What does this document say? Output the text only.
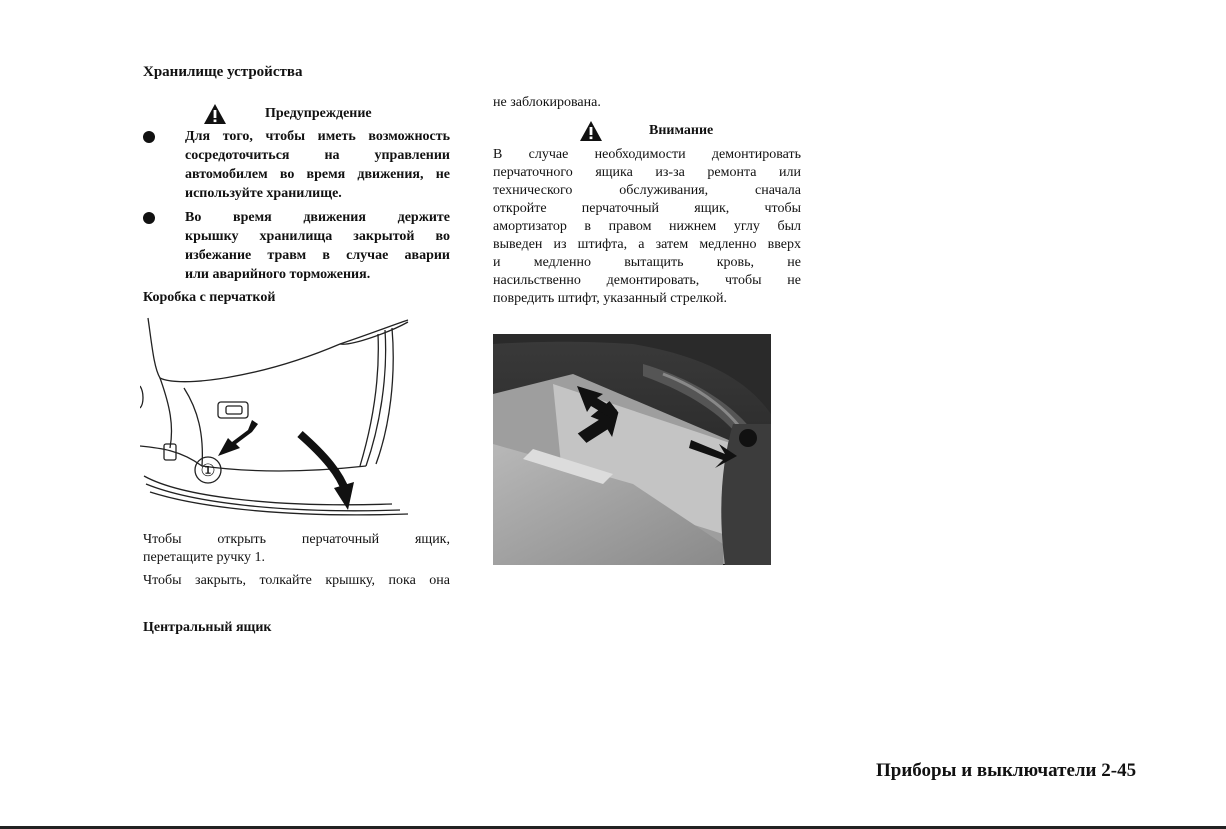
Хранилище устройства
Предупреждение
Для того, чтобы иметь возможность
сосредоточиться на управлении
автомобилем во время движения, не
используйте хранилище.
Во время движения держите
крышку хранилища закрытой во
избежание травм в случае аварии
или аварийного торможения.
Коробка с перчаткой
①
Чтобы открыть перчаточный ящик,
перетащите ручку 1.
Чтобы закрыть, толкайте крышку, пока она
Центральный ящик
не заблокирована.
Внимание
В случае необходимости демонтировать
перчаточного ящика из-за ремонта или
технического обслуживания, сначала
откройте перчаточный ящик, чтобы
амортизатор в правом нижнем углу был
выведен из штифта, а затем медленно вверх
и медленно вытащить кровь, не
насильственно демонтировать, чтобы не
повредить штифт, указанный стрелкой.
Приборы и выключатели 2-45
